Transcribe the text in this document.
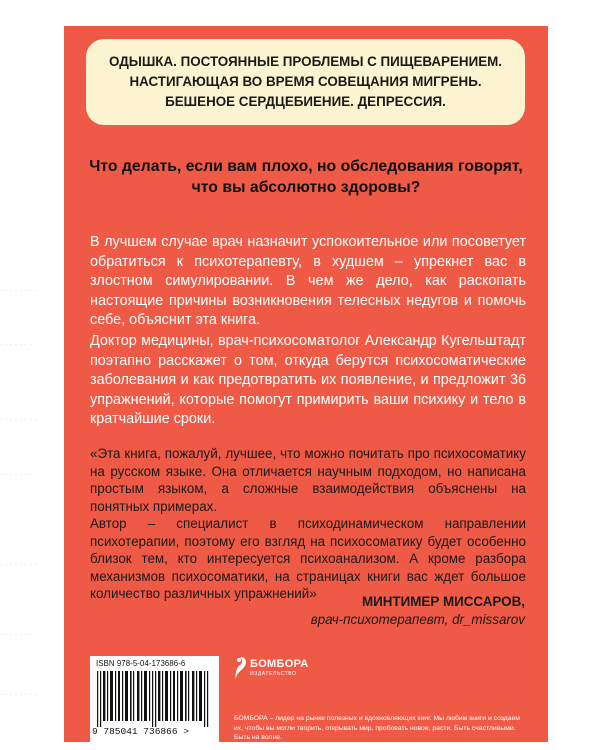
· · · · · · · ·
· · · · · · ·
· · · · · · · ·
· · · · · · ·
· · · · · · · ·
· · · · · · ·
· · · · · · · ·
ОДЫШКА. ПОСТОЯННЫЕ ПРОБЛЕМЫ С ПИЩЕВАРЕНИЕМ.
НАСТИГАЮЩАЯ ВО ВРЕМЯ СОВЕЩАНИЯ МИГРЕНЬ.
БЕШЕНОЕ СЕРДЦЕБИЕНИЕ. ДЕПРЕССИЯ.
Что делать, если вам плохо, но обследования говорят, что вы абсолютно здоровы?
В лучшем случае врач назначит успокоительное или посоветует обратиться к психотерапевту, в худшем – упрекнет вас в злостном симулировании. В чем же дело, как раскопать настоящие причины возникновения телесных недугов и помочь себе, объяснит эта книга.
Доктор медицины, врач-психосоматолог Александр Кугельштадт поэтапно расскажет о том, откуда берутся психосоматические заболевания и как предотвратить их появление, и предложит 36 упражнений, которые помогут примирить ваши психику и тело в кратчайшие сроки.
«Эта книга, пожалуй, лучшее, что можно почитать про психосоматику на русском языке. Она отличается научным подходом, но написана простым языком, а сложные взаимодействия объяснены на понятных примерах.
Автор – специалист в психодинамическом направлении психотерапии, поэтому его взгляд на психосоматику будет особенно близок тем, кто интересуется психоанализом. А кроме разбора механизмов психосоматики, на страницах книги вас ждет большое количество различных упражнений»
МИНТИМЕР МИССАРОВ,
врач-психотерапевт, dr_missarov
ISBN 978-5-04-173686-6
9 785041 736866 >
БОМБОРА
ИЗДАТЕЛЬСТВО
БОМБОРА – лидер на рынке полезных и вдохновляющих книг. Мы любим книги и создаем их, чтобы вы могли творить, открывать мир, пробовать новое, расти. Быть счастливыми. Быть на волне.
